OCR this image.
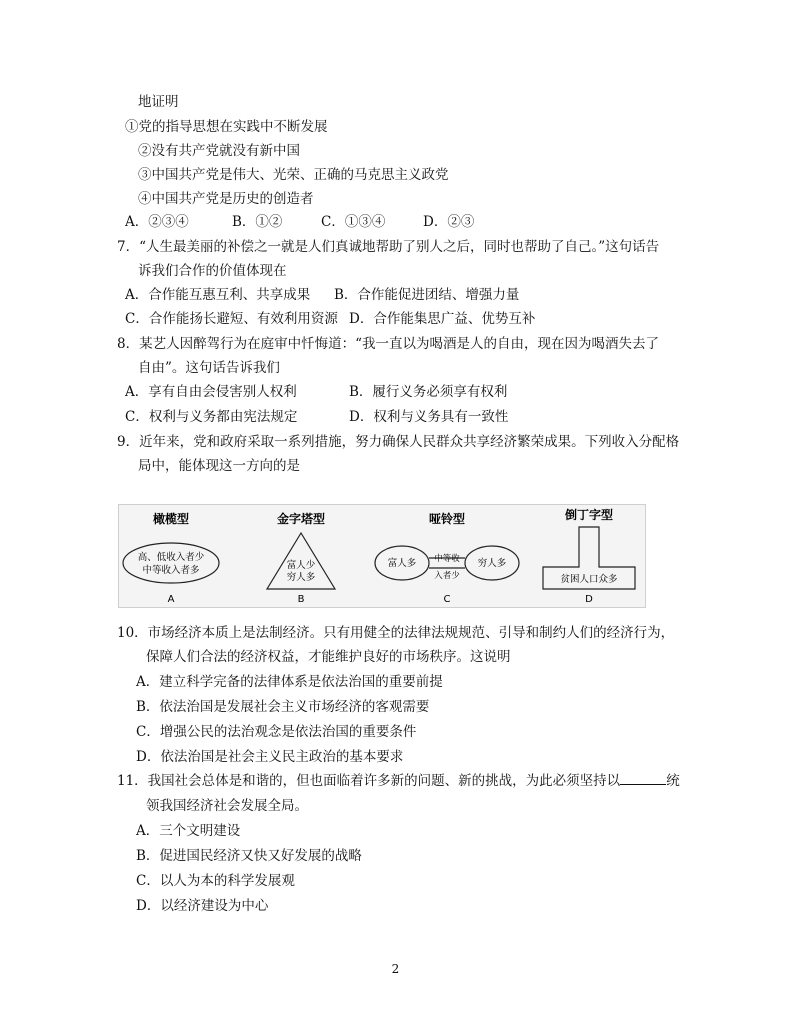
地证明
①党的指导思想在实践中不断发展
②没有共产党就没有新中国
③中国共产党是伟大、光荣、正确的马克思主义政党
④中国共产党是历史的创造者
A．②③④	B．①②	C．①③④	D．②③
7．“人生最美丽的补偿之一就是人们真诚地帮助了别人之后，同时也帮助了自己。”这句话告
诉我们合作的价值体现在
A．合作能互惠互利、共享成果 B．合作能促进团结、增强力量
C．合作能扬长避短、有效利用资源 D．合作能集思广益、优势互补
8．某艺人因醉驾行为在庭审中忏悔道：“我一直以为喝酒是人的自由，现在因为喝酒失去了
自由”。这句话告诉我们
A．享有自由会侵害别人权利	B．履行义务必须享有权利
C．权利与义务都由宪法规定	D．权利与义务具有一致性
9．近年来，党和政府采取一系列措施，努力确保人民群众共享经济繁荣成果。下列收入分配格
局中，能体现这一方向的是
橄榄型
高、低收入者少
中等收入者多
A
金字塔型
富人少
穷人多
B
哑铃型
富人多 中等收
入者少
穷人多
C
倒丁字型
贫困人口众多
D
10．市场经济本质上是法制经济。只有用健全的法律法规规范、引导和制约人们的经济行为，
保障人们合法的经济权益，才能维护良好的市场秩序。这说明
A．建立科学完备的法律体系是依法治国的重要前提
B．依法治国是发展社会主义市场经济的客观需要
C．增强公民的法治观念是依法治国的重要条件
D．依法治国是社会主义民主政治的基本要求
11．我国社会总体是和谐的，但也面临着许多新的问题、新的挑战，为此必须坚持以	统
领我国经济社会发展全局。
A．三个文明建设
B．促进国民经济又快又好发展的战略
C．以人为本的科学发展观
D．以经济建设为中心
2
